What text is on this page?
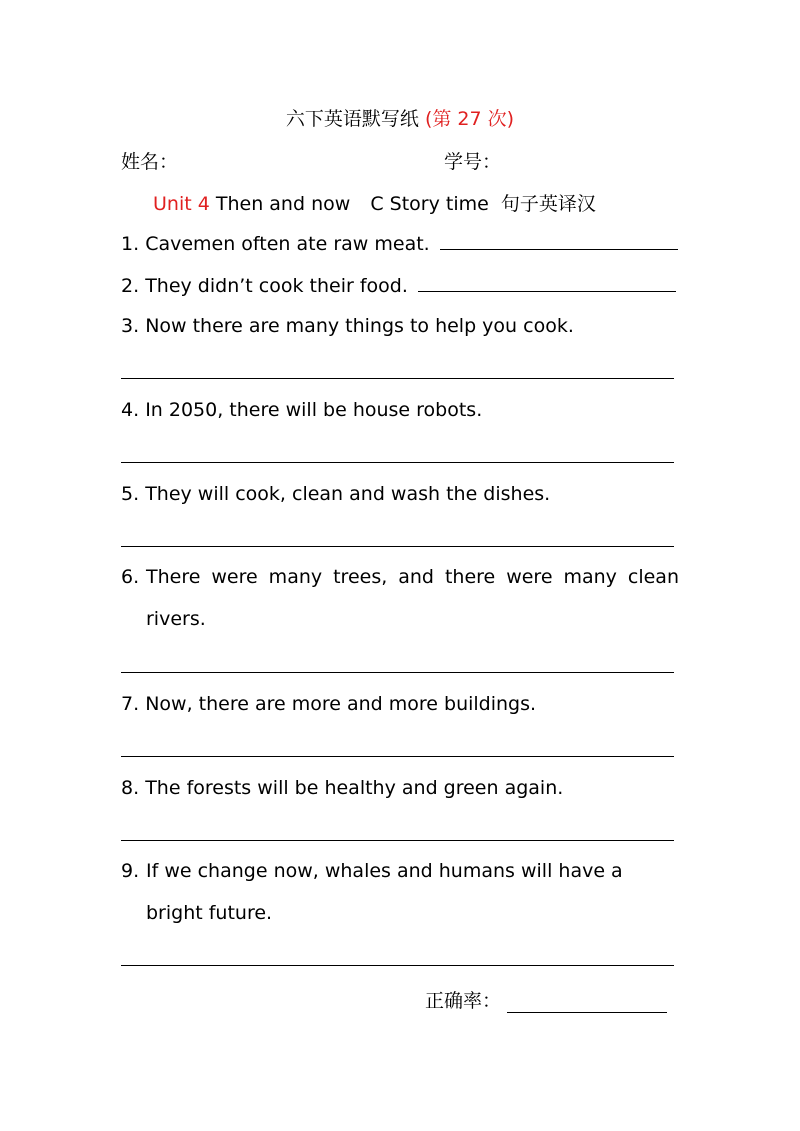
六下英语默写纸 (第 27 次)
姓名：	学号：
Unit 4 Then and now C Story time 句子英译汉
1. Cavemen often ate raw meat.
2. They didn’t cook their food.
3. Now there are many things to help you cook.
4. In 2050, there will be house robots.
5. They will cook, clean and wash the dishes.
6. There were many trees, and there were many clean rivers.
7. Now, there are more and more buildings.
8. The forests will be healthy and green again.
9. If we change now, whales and humans will have a bright future.
正确率：
